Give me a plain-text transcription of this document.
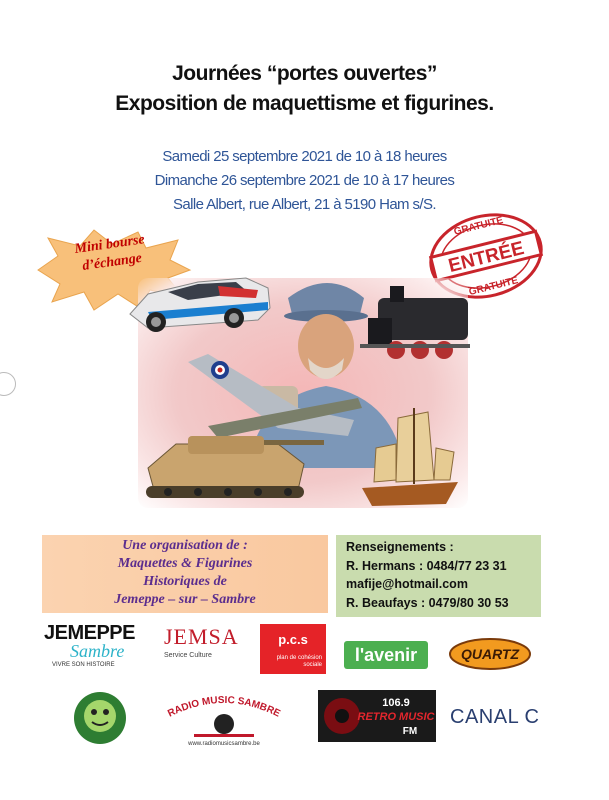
Journées “portes ouvertes”
Exposition de maquettisme et figurines.
Samedi 25 septembre 2021 de 10 à 18 heures
Dimanche 26 septembre 2021 de 10 à 17 heures
Salle Albert, rue Albert, 21 à 5190 Ham s/S.
Mini bourse
d’échange
GRATUITE
ENTRÉE
GRATUITE
Une organisation de :
Maquettes & Figurines
Historiques de
Jemeppe – sur – Sambre
Renseignements :
R. Hermans : 0484/77 23 31
mafije@hotmail.com
R. Beaufays : 0479/80 30 53
JEMEPPE
Sambre
VIVRE SON HISTOIRE
JEMSA
Service Culture
p.c.s
plan de cohésion sociale	l'avenir	QUARTZ
RADIO MUSIC SAMBRE
www.radiomusicsambre.be
106.9
RETRO MUSIC
FM
CANAL C
